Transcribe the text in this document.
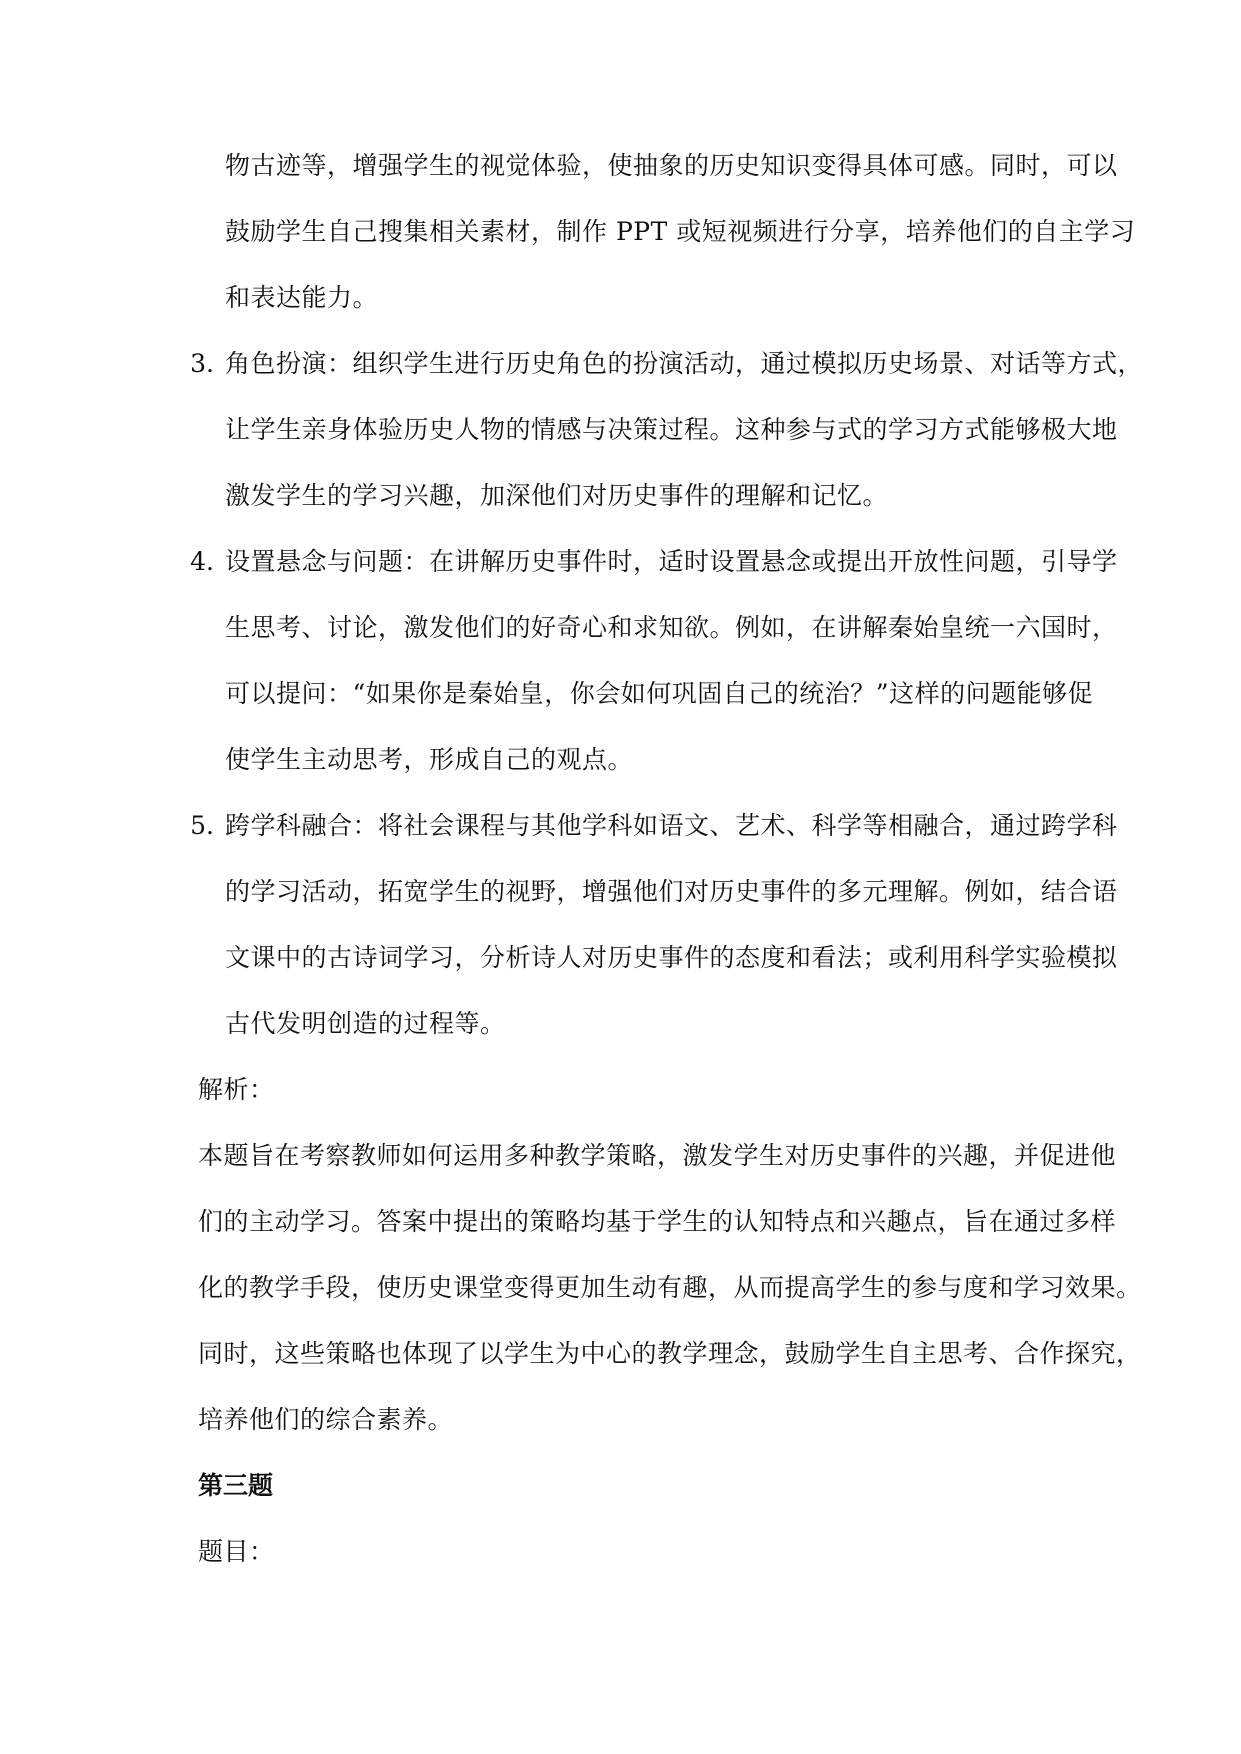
物古迹等，增强学生的视觉体验，使抽象的历史知识变得具体可感。同时，可以
鼓励学生自己搜集相关素材，制作 PPT 或短视频进行分享，培养他们的自主学习
和表达能力。
3. 角色扮演：组织学生进行历史角色的扮演活动，通过模拟历史场景、对话等方式，
让学生亲身体验历史人物的情感与决策过程。这种参与式的学习方式能够极大地
激发学生的学习兴趣，加深他们对历史事件的理解和记忆。
4. 设置悬念与问题：在讲解历史事件时，适时设置悬念或提出开放性问题，引导学
生思考、讨论，激发他们的好奇心和求知欲。例如，在讲解秦始皇统一六国时，
可以提问：“如果你是秦始皇，你会如何巩固自己的统治？”这样的问题能够促
使学生主动思考，形成自己的观点。
5. 跨学科融合：将社会课程与其他学科如语文、艺术、科学等相融合，通过跨学科
的学习活动，拓宽学生的视野，增强他们对历史事件的多元理解。例如，结合语
文课中的古诗词学习，分析诗人对历史事件的态度和看法；或利用科学实验模拟
古代发明创造的过程等。
解析：
本题旨在考察教师如何运用多种教学策略，激发学生对历史事件的兴趣，并促进他
们的主动学习。答案中提出的策略均基于学生的认知特点和兴趣点，旨在通过多样
化的教学手段，使历史课堂变得更加生动有趣，从而提高学生的参与度和学习效果。
同时，这些策略也体现了以学生为中心的教学理念，鼓励学生自主思考、合作探究，
培养他们的综合素养。
第三题
题目：
